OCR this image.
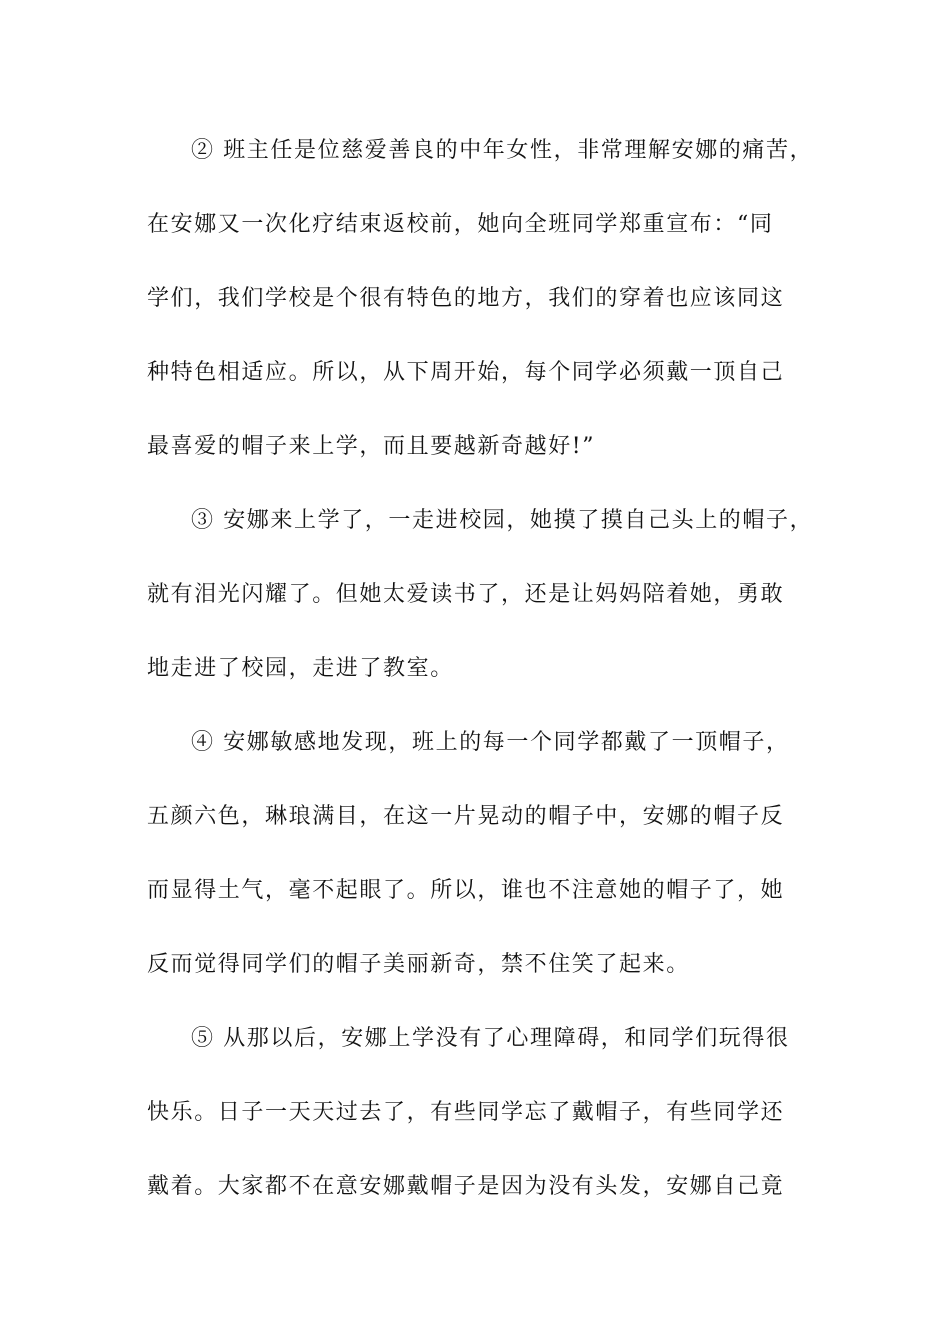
② 班主任是位慈爱善良的中年女性，非常理解安娜的痛苦，
在安娜又一次化疗结束返校前，她向全班同学郑重宣布：“同
学们，我们学校是个很有特色的地方，我们的穿着也应该同这
种特色相适应。所以，从下周开始，每个同学必须戴一顶自己
最喜爱的帽子来上学，而且要越新奇越好!”
③ 安娜来上学了，一走进校园，她摸了摸自己头上的帽子，
就有泪光闪耀了。但她太爱读书了，还是让妈妈陪着她，勇敢
地走进了校园，走进了教室。
④ 安娜敏感地发现，班上的每一个同学都戴了一顶帽子，
五颜六色，琳琅满目，在这一片晃动的帽子中，安娜的帽子反
而显得土气，毫不起眼了。所以，谁也不注意她的帽子了，她
反而觉得同学们的帽子美丽新奇，禁不住笑了起来。
⑤ 从那以后，安娜上学没有了心理障碍，和同学们玩得很
快乐。日子一天天过去了，有些同学忘了戴帽子，有些同学还
戴着。大家都不在意安娜戴帽子是因为没有头发，安娜自己竟
